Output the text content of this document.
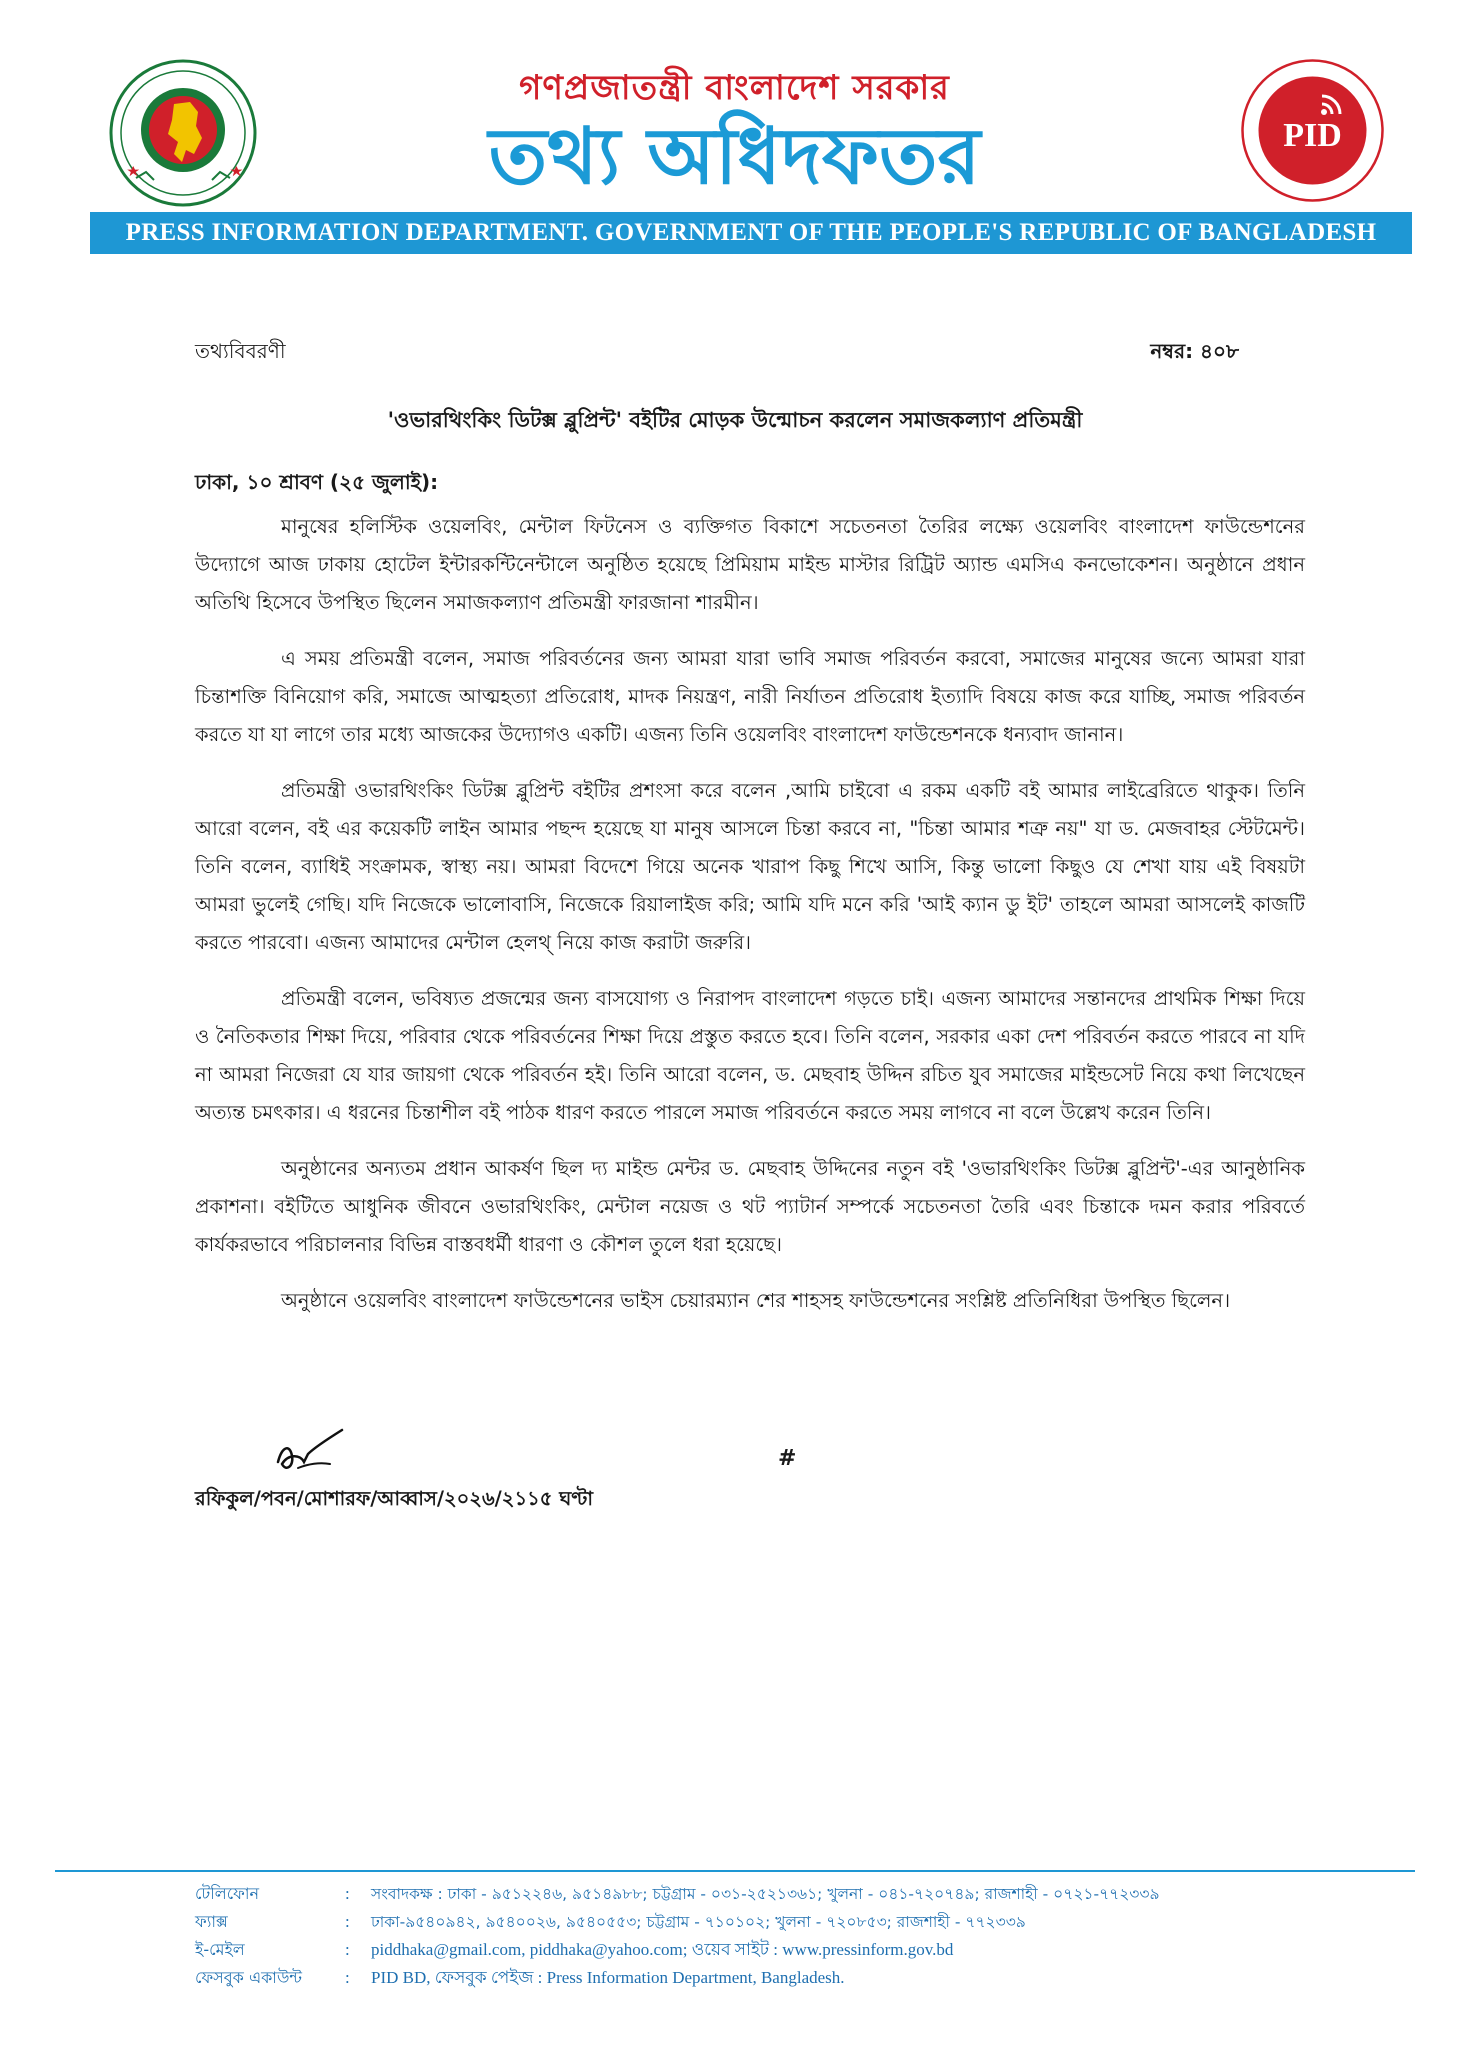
PID
গণপ্রজাতন্ত্রী বাংলাদেশ সরকার
তথ্য অধিদফতর
PRESS INFORMATION DEPARTMENT. GOVERNMENT OF THE PEOPLE'S REPUBLIC OF BANGLADESH
তথ্যবিবরণী	নম্বর: ৪০৮
'ওভারথিংকিং ডিটক্স ব্লুপ্রিন্ট' বইটির মোড়ক উন্মোচন করলেন সমাজকল্যাণ প্রতিমন্ত্রী
ঢাকা, ১০ শ্রাবণ (২৫ জুলাই):

মানুষের হলিস্টিক ওয়েলবিং, মেন্টাল ফিটনেস ও ব্যক্তিগত বিকাশে সচেতনতা তৈরির লক্ষ্যে ওয়েলবিং বাংলাদেশ ফাউন্ডেশনের উদ্যোগে আজ ঢাকায় হোটেল ইন্টারকন্টিনেন্টালে অনুষ্ঠিত হয়েছে প্রিমিয়াম মাইন্ড মাস্টার রিট্রিট অ্যান্ড এমসিএ কনভোকেশন। অনুষ্ঠানে প্রধান অতিথি হিসেবে উপস্থিত ছিলেন সমাজকল্যাণ প্রতিমন্ত্রী ফারজানা শারমীন।

এ সময় প্রতিমন্ত্রী বলেন, সমাজ পরিবর্তনের জন্য আমরা যারা ভাবি সমাজ পরিবর্তন করবো, সমাজের মানুষের জন্যে আমরা যারা চিন্তাশক্তি বিনিয়োগ করি, সমাজে আত্মহত্যা প্রতিরোধ, মাদক নিয়ন্ত্রণ, নারী নির্যাতন প্রতিরোধ ইত্যাদি বিষয়ে কাজ করে যাচ্ছি, সমাজ পরিবর্তন করতে যা যা লাগে তার মধ্যে আজকের উদ্যোগও একটি। এজন্য তিনি ওয়েলবিং বাংলাদেশ ফাউন্ডেশনকে ধন্যবাদ জানান।

প্রতিমন্ত্রী ওভারথিংকিং ডিটক্স ব্লুপ্রিন্ট বইটির প্রশংসা করে বলেন ,আমি চাইবো এ রকম একটি বই আমার লাইব্রেরিতে থাকুক। তিনি আরো বলেন, বই এর কয়েকটি লাইন আমার পছন্দ হয়েছে যা মানুষ আসলে চিন্তা করবে না, "চিন্তা আমার শত্রু নয়" যা ড. মেজবাহর স্টেটমেন্ট। তিনি বলেন, ব্যাধিই সংক্রামক, স্বাস্থ্য নয়। আমরা বিদেশে গিয়ে অনেক খারাপ কিছু শিখে আসি, কিন্তু ভালো কিছুও যে শেখা যায় এই বিষয়টা আমরা ভুলেই গেছি। যদি নিজেকে ভালোবাসি, নিজেকে রিয়ালাইজ করি; আমি যদি মনে করি 'আই ক্যান ডু ইট' তাহলে আমরা আসলেই কাজটি করতে পারবো। এজন্য আমাদের মেন্টাল হেলথ্ নিয়ে কাজ করাটা জরুরি।

প্রতিমন্ত্রী বলেন, ভবিষ্যত প্রজন্মের জন্য বাসযোগ্য ও নিরাপদ বাংলাদেশ গড়তে চাই। এজন্য আমাদের সন্তানদের প্রাথমিক শিক্ষা দিয়ে ও নৈতিকতার শিক্ষা দিয়ে, পরিবার থেকে পরিবর্তনের শিক্ষা দিয়ে প্রস্তুত করতে হবে। তিনি বলেন, সরকার একা দেশ পরিবর্তন করতে পারবে না যদি না আমরা নিজেরা যে যার জায়গা থেকে পরিবর্তন হই। তিনি আরো বলেন, ড. মেছবাহ উদ্দিন রচিত যুব সমাজের মাইন্ডসেট নিয়ে কথা লিখেছেন অত্যন্ত চমৎকার। এ ধরনের চিন্তাশীল বই পাঠক ধারণ করতে পারলে সমাজ পরিবর্তনে করতে সময় লাগবে না বলে উল্লেখ করেন তিনি।

অনুষ্ঠানের অন্যতম প্রধান আকর্ষণ ছিল দ্য মাইন্ড মেন্টর ড. মেছবাহ উদ্দিনের নতুন বই 'ওভারথিংকিং ডিটক্স ব্লুপ্রিন্ট'-এর আনুষ্ঠানিক প্রকাশনা। বইটিতে আধুনিক জীবনে ওভারথিংকিং, মেন্টাল নয়েজ ও থট প্যাটার্ন সম্পর্কে সচেতনতা তৈরি এবং চিন্তাকে দমন করার পরিবর্তে কার্যকরভাবে পরিচালনার বিভিন্ন বাস্তবধর্মী ধারণা ও কৌশল তুলে ধরা হয়েছে।

অনুষ্ঠানে ওয়েলবিং বাংলাদেশ ফাউন্ডেশনের ভাইস চেয়ারম্যান শের শাহসহ ফাউন্ডেশনের সংশ্লিষ্ট প্রতিনিধিরা উপস্থিত ছিলেন।

#
রফিকুল/পবন/মোশারফ/আব্বাস/২০২৬/২১১৫ ঘণ্টা
টেলিফোন	:	সংবাদকক্ষ : ঢাকা - ৯৫১২২৪৬, ৯৫১৪৯৮৮; চট্টগ্রাম - ০৩১-২৫২১৩৬১; খুলনা - ০৪১-৭২০৭৪৯; রাজশাহী - ০৭২১-৭৭২৩৩৯
ফ্যাক্স	:	ঢাকা-৯৫৪০৯৪২, ৯৫৪০০২৬, ৯৫৪০৫৫৩; চট্টগ্রাম - ৭১০১০২; খুলনা - ৭২০৮৫৩; রাজশাহী - ৭৭২৩৩৯
ই-মেইল	:	piddhaka@gmail.com, piddhaka@yahoo.com; ওয়েব সাইট : www.pressinform.gov.bd
ফেসবুক একাউন্ট	:	PID BD, ফেসবুক পেইজ : Press Information Department, Bangladesh.
